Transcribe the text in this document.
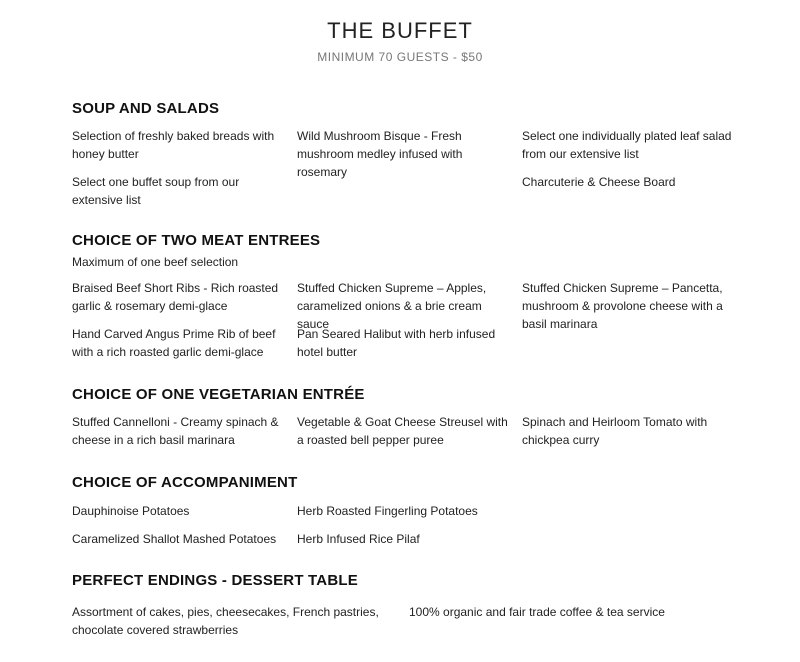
THE BUFFET
MINIMUM 70 GUESTS - $50
SOUP AND SALADS
Selection of freshly baked breads with honey butter
Wild Mushroom Bisque - Fresh mushroom medley infused with rosemary
Select one individually plated leaf salad from our extensive list
Select one buffet soup from our extensive list
Charcuterie & Cheese Board
CHOICE OF TWO MEAT ENTREES
Maximum of one beef selection
Braised Beef Short Ribs - Rich roasted garlic & rosemary demi-glace
Stuffed Chicken Supreme – Apples, caramelized onions & a brie cream sauce
Stuffed Chicken Supreme – Pancetta, mushroom & provolone cheese with a basil marinara
Hand Carved Angus Prime Rib of beef with a rich roasted garlic demi-glace
Pan Seared Halibut with herb infused hotel butter
CHOICE OF ONE VEGETARIAN ENTRÉE
Stuffed Cannelloni - Creamy spinach & cheese in a rich basil marinara
Vegetable & Goat Cheese Streusel with a roasted bell pepper puree
Spinach and Heirloom Tomato with chickpea curry
CHOICE OF ACCOMPANIMENT
Dauphinoise Potatoes	Herb Roasted Fingerling Potatoes
Caramelized Shallot Mashed Potatoes	Herb Infused Rice Pilaf
PERFECT ENDINGS - DESSERT TABLE
Assortment of cakes, pies, cheesecakes, French pastries, chocolate covered strawberries
100% organic and fair trade coffee & tea service
